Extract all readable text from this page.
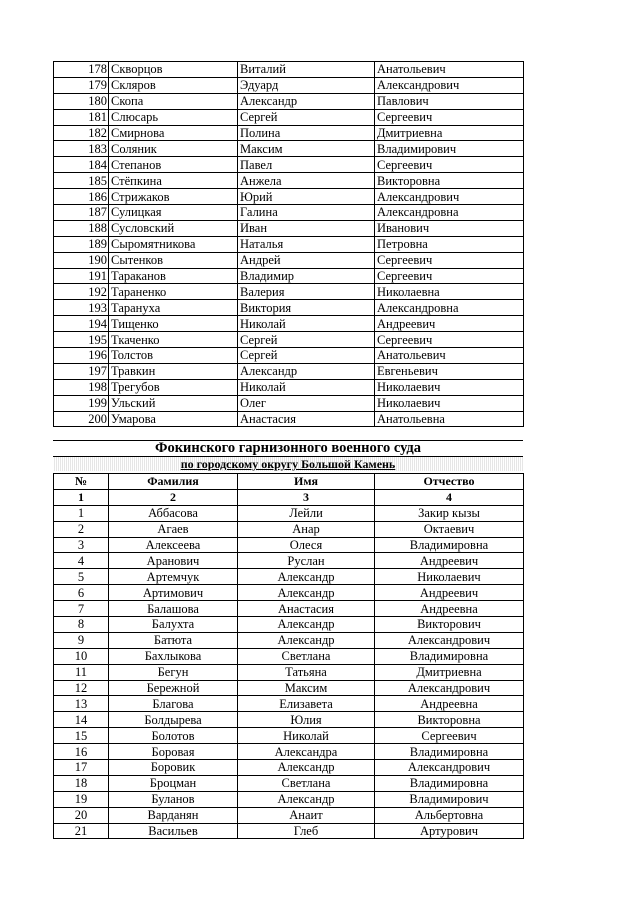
178	Скворцов	Виталий	Анатольевич
179	Скляров	Эдуард	Александрович
180	Скопа	Александр	Павлович
181	Слюсарь	Сергей	Сергеевич
182	Смирнова	Полина	Дмитриевна
183	Соляник	Максим	Владимирович
184	Степанов	Павел	Сергеевич
185	Стёпкина	Анжела	Викторовна
186	Стрижаков	Юрий	Александрович
187	Сулицкая	Галина	Александровна
188	Сусловский	Иван	Иванович
189	Сыромятникова	Наталья	Петровна
190	Сытенков	Андрей	Сергеевич
191	Тараканов	Владимир	Сергеевич
192	Тараненко	Валерия	Николаевна
193	Тарануха	Виктория	Александровна
194	Тищенко	Николай	Андреевич
195	Ткаченко	Сергей	Сергеевич
196	Толстов	Сергей	Анатольевич
197	Травкин	Александр	Евгеньевич
198	Трегубов	Николай	Николаевич
199	Ульский	Олег	Николаевич
200	Умарова	Анастасия	Анатольевна
Фокинского гарнизонного военного суда
по городскому округу Большой Камень
№	Фамилия	Имя	Отчество
1	2	3	4
1	Аббасова	Лейли	Закир кызы
2	Агаев	Анар	Октаевич
3	Алексеева	Олеся	Владимировна
4	Аранович	Руслан	Андреевич
5	Артемчук	Александр	Николаевич
6	Артимович	Александр	Андреевич
7	Балашова	Анастасия	Андреевна
8	Балухта	Александр	Викторович
9	Батюта	Александр	Александрович
10	Бахлыкова	Светлана	Владимировна
11	Бегун	Татьяна	Дмитриевна
12	Бережной	Максим	Александрович
13	Благова	Елизавета	Андреевна
14	Болдырева	Юлия	Викторовна
15	Болотов	Николай	Сергеевич
16	Боровая	Александра	Владимировна
17	Боровик	Александр	Александрович
18	Броцман	Светлана	Владимировна
19	Буланов	Александр	Владимирович
20	Варданян	Анаит	Альбертовна
21	Васильев	Глеб	Артурович
